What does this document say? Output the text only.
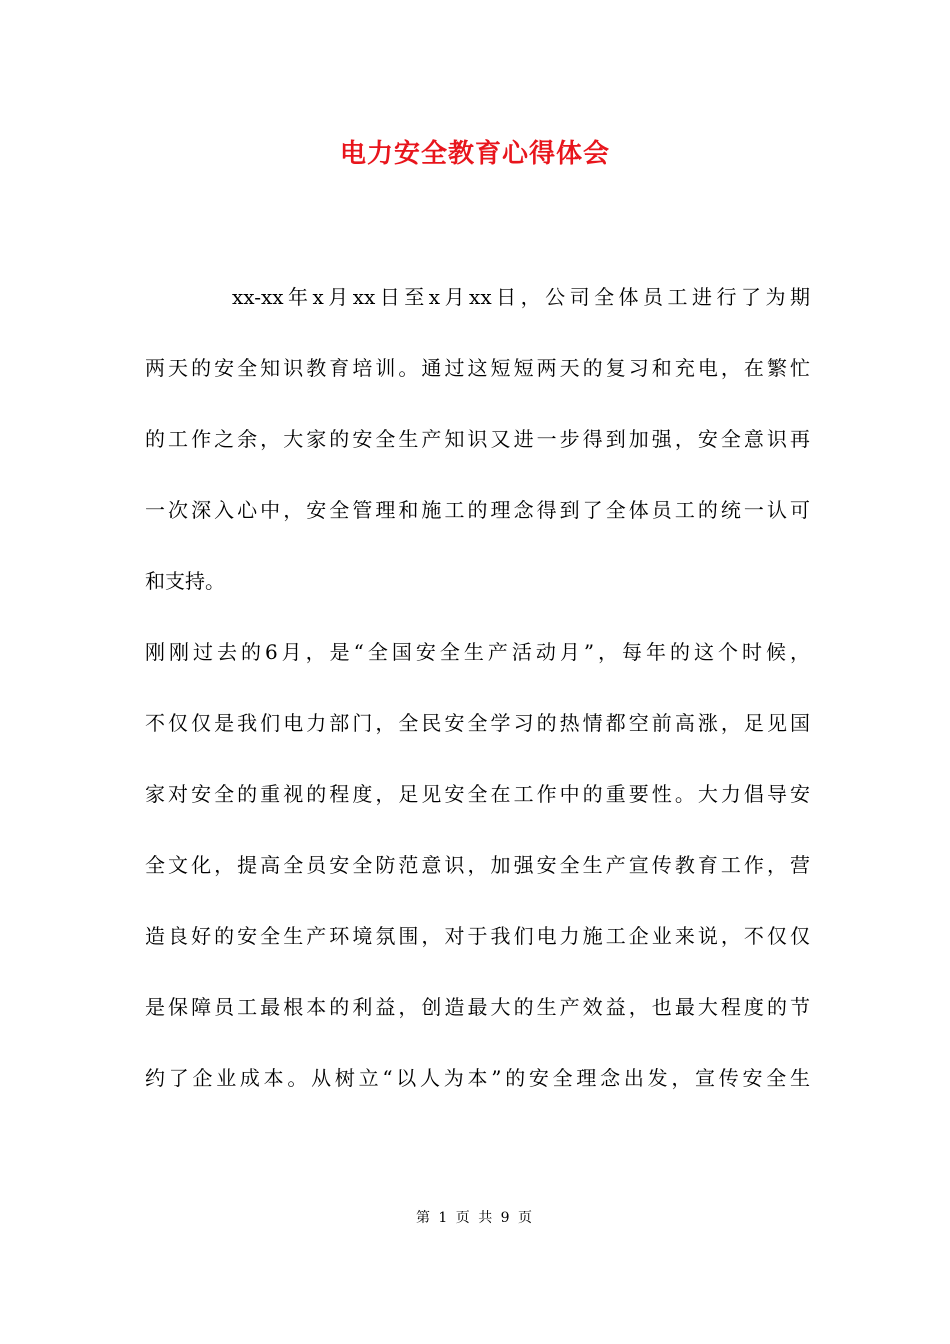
电力安全教育心得体会
xx-xx年x月xx日至x月xx日，公司全体员工进行了为期
两天的安全知识教育培训。通过这短短两天的复习和充电，在繁忙
的工作之余，大家的安全生产知识又进一步得到加强，安全意识再
一次深入心中，安全管理和施工的理念得到了全体员工的统一认可
和支持。
刚刚过去的6月，是“全国安全生产活动月”，每年的这个时候，
不仅仅是我们电力部门，全民安全学习的热情都空前高涨，足见国
家对安全的重视的程度，足见安全在工作中的重要性。大力倡导安
全文化，提高全员安全防范意识，加强安全生产宣传教育工作，营
造良好的安全生产环境氛围，对于我们电力施工企业来说，不仅仅
是保障员工最根本的利益，创造最大的生产效益，也最大程度的节
约了企业成本。从树立“以人为本”的安全理念出发，宣传安全生
第 1 页 共 9 页
